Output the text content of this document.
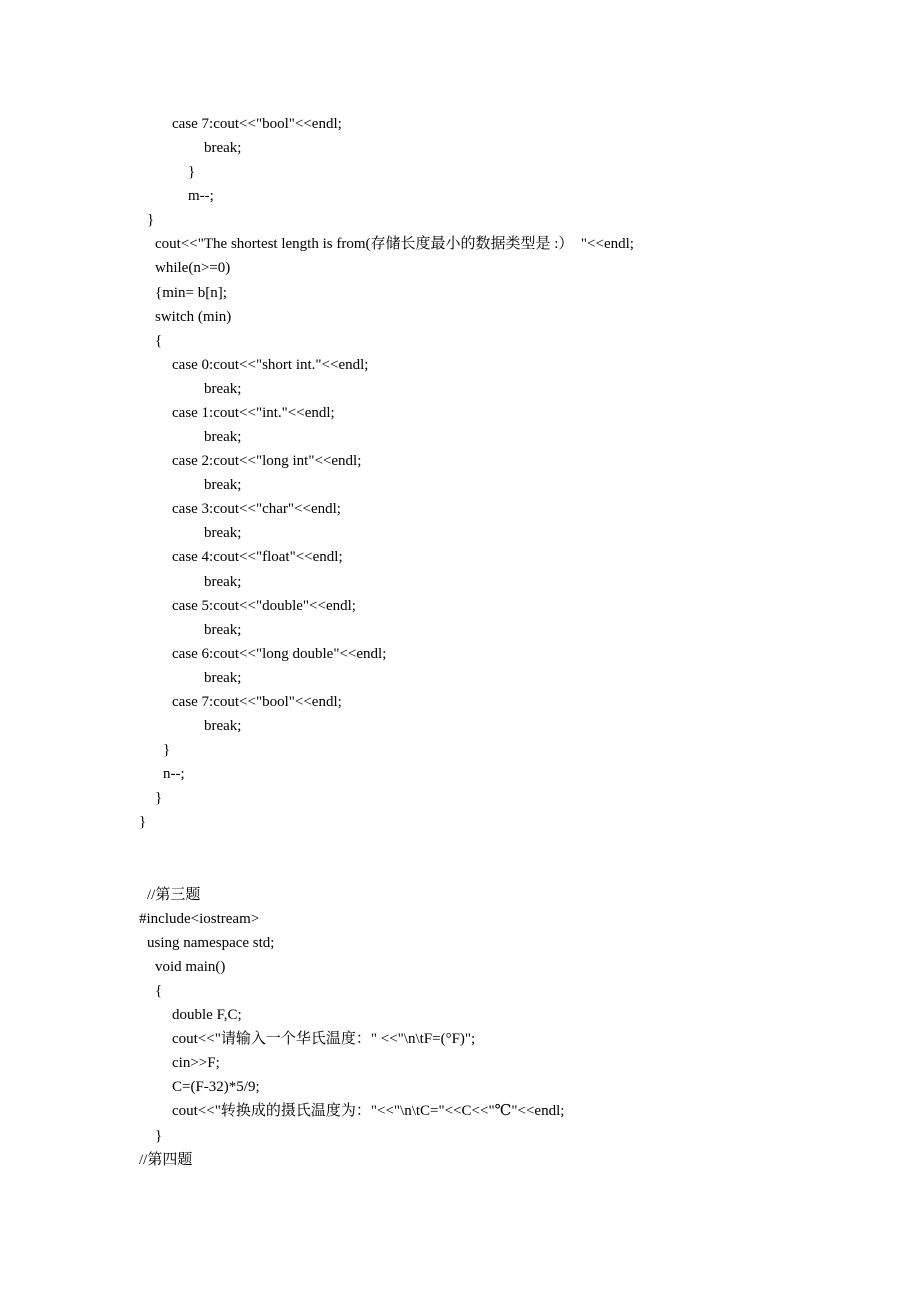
case 7:cout<<"bool"<<endl;
break;
}
m--;
}
cout<<"The shortest length is from(存储长度最小的数据类型是 :）  "<<endl;
while(n>=0)
{min= b[n];
switch (min)
{
case 0:cout<<"short int."<<endl;
break;
case 1:cout<<"int."<<endl;
break;
case 2:cout<<"long int"<<endl;
break;
case 3:cout<<"char"<<endl;
break;
case 4:cout<<"float"<<endl;
break;
case 5:cout<<"double"<<endl;
break;
case 6:cout<<"long double"<<endl;
break;
case 7:cout<<"bool"<<endl;
break;
}
n--;
}
}
//第三题
#include<iostream>
using namespace std;
void main()
{
double F,C;
cout<<"请输入一个华氏温度：" <<"\n\tF=(°F)";
cin>>F;
C=(F-32)*5/9;
cout<<"转换成的摄氏温度为："<<"\n\tC="<<C<<"℃"<<endl;
}
//第四题
